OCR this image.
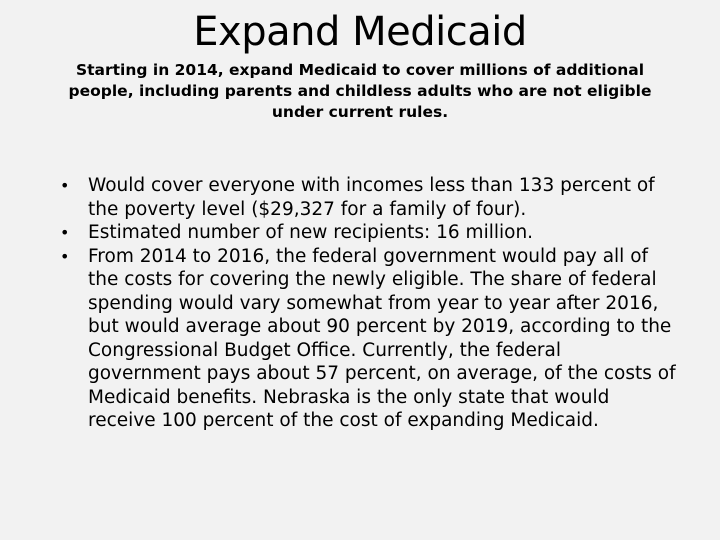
Expand Medicaid

Starting in 2014, expand Medicaid to cover millions of additional people, including parents and childless adults who are not eligible under current rules.

• Would cover everyone with incomes less than 133 percent of the poverty level ($29,327 for a family of four).
• Estimated number of new recipients: 16 million.
• From 2014 to 2016, the federal government would pay all of the costs for covering the newly eligible. The share of federal spending would vary somewhat from year to year after 2016, but would average about 90 percent by 2019, according to the Congressional Budget Office. Currently, the federal government pays about 57 percent, on average, of the costs of Medicaid benefits. Nebraska is the only state that would receive 100 percent of the cost of expanding Medicaid.
